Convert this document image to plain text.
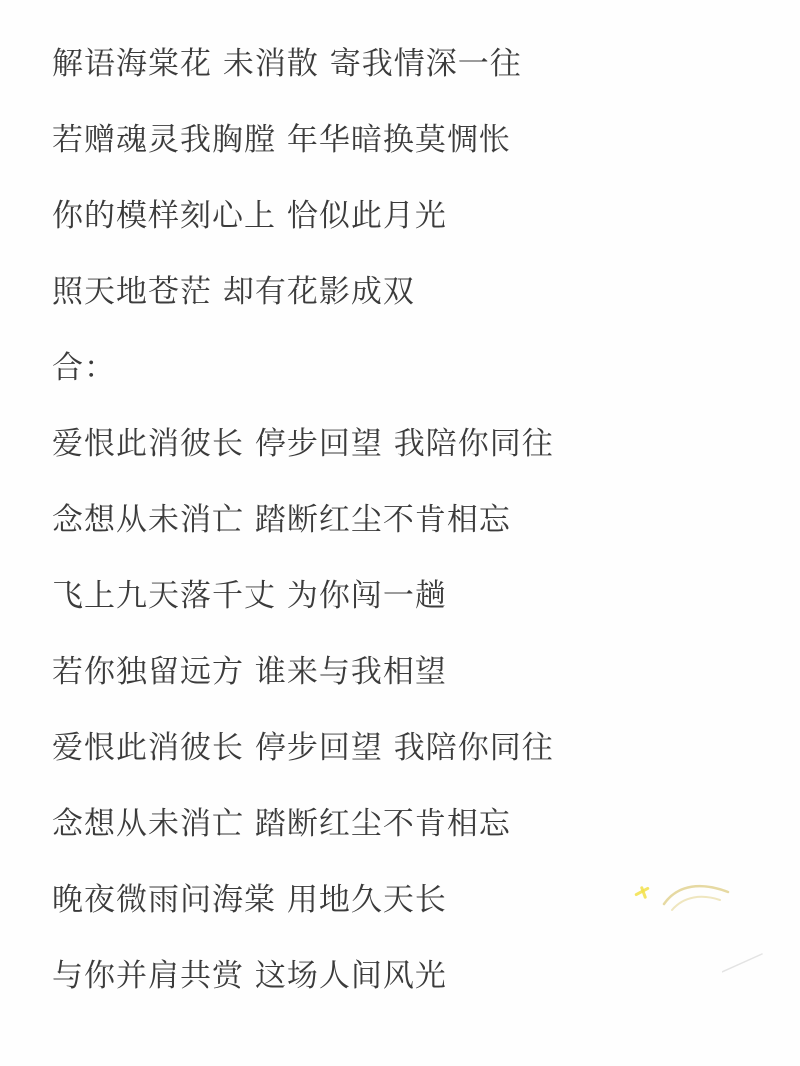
解语海棠花 未消散 寄我情深一往
若赠魂灵我胸膛 年华暗换莫惆怅
你的模样刻心上 恰似此月光
照天地苍茫 却有花影成双
合：
爱恨此消彼长 停步回望 我陪你同往
念想从未消亡 踏断红尘不肯相忘
飞上九天落千丈 为你闯一趟
若你独留远方 谁来与我相望
爱恨此消彼长 停步回望 我陪你同往
念想从未消亡 踏断红尘不肯相忘
晚夜微雨问海棠 用地久天长
与你并肩共赏 这场人间风光
